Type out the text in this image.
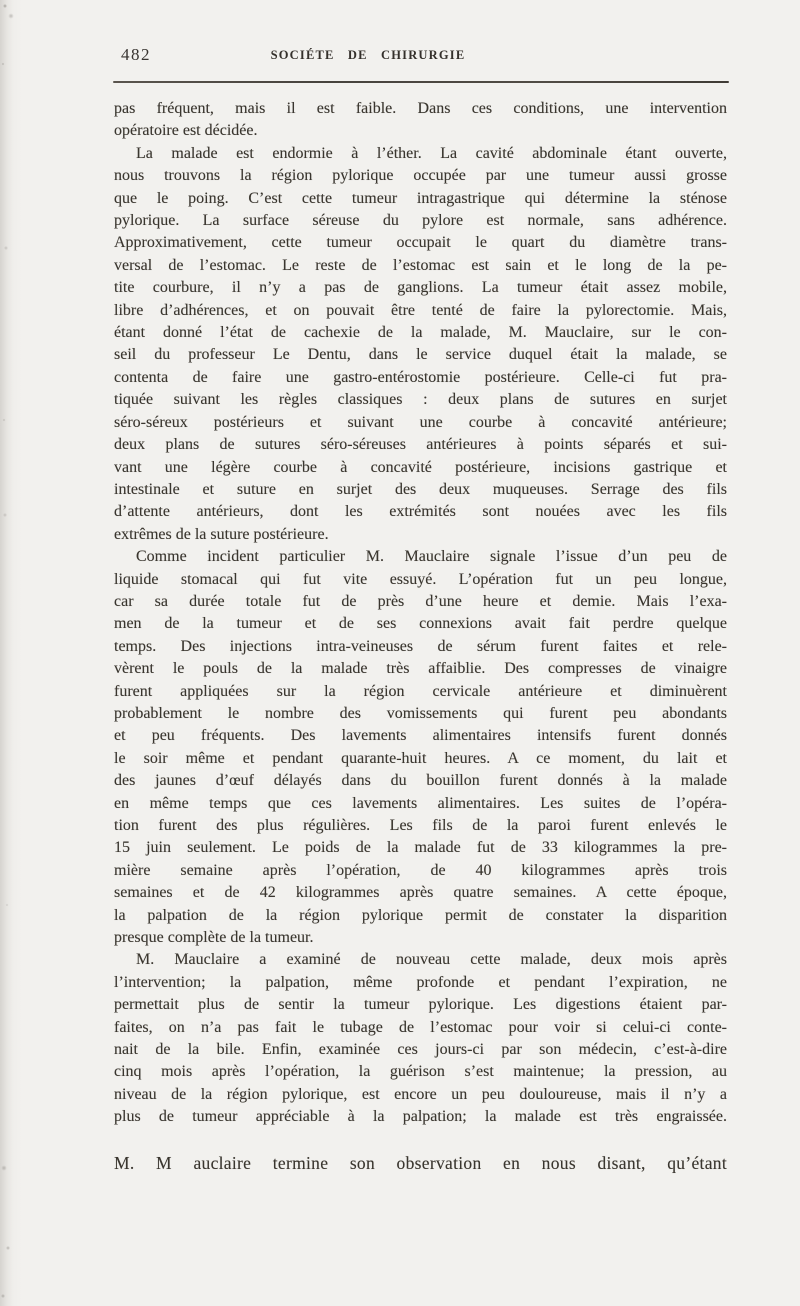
482	SOCIÉTE DE CHIRURGIE
pas fréquent, mais il est faible. Dans ces conditions, une intervention
opératoire est décidée.
La malade est endormie à l’éther. La cavité abdominale étant ouverte,
nous trouvons la région pylorique occupée par une tumeur aussi grosse
que le poing. C’est cette tumeur intragastrique qui détermine la sténose
pylorique. La surface séreuse du pylore est normale, sans adhérence.
Approximativement, cette tumeur occupait le quart du diamètre trans-
versal de l’estomac. Le reste de l’estomac est sain et le long de la pe-
tite courbure, il n’y a pas de ganglions. La tumeur était assez mobile,
libre d’adhérences, et on pouvait être tenté de faire la pylorectomie. Mais,
étant donné l’état de cachexie de la malade, M. Mauclaire, sur le con-
seil du professeur Le Dentu, dans le service duquel était la malade, se
contenta de faire une gastro-entérostomie postérieure. Celle-ci fut pra-
tiquée suivant les règles classiques : deux plans de sutures en surjet
séro-séreux postérieurs et suivant une courbe à concavité antérieure;
deux plans de sutures séro-séreuses antérieures à points séparés et sui-
vant une légère courbe à concavité postérieure, incisions gastrique et
intestinale et suture en surjet des deux muqueuses. Serrage des fils
d’attente antérieurs, dont les extrémités sont nouées avec les fils
extrêmes de la suture postérieure.
Comme incident particulier M. Mauclaire signale l’issue d’un peu de
liquide stomacal qui fut vite essuyé. L’opération fut un peu longue,
car sa durée totale fut de près d’une heure et demie. Mais l’exa-
men de la tumeur et de ses connexions avait fait perdre quelque
temps. Des injections intra-veineuses de sérum furent faites et rele-
vèrent le pouls de la malade très affaiblie. Des compresses de vinaigre
furent appliquées sur la région cervicale antérieure et diminuèrent
probablement le nombre des vomissements qui furent peu abondants
et peu fréquents. Des lavements alimentaires intensifs furent donnés
le soir même et pendant quarante-huit heures. A ce moment, du lait et
des jaunes d’œuf délayés dans du bouillon furent donnés à la malade
en même temps que ces lavements alimentaires. Les suites de l’opéra-
tion furent des plus régulières. Les fils de la paroi furent enlevés le
15 juin seulement. Le poids de la malade fut de 33 kilogrammes la pre-
mière semaine après l’opération, de 40 kilogrammes après trois
semaines et de 42 kilogrammes après quatre semaines. A cette époque,
la palpation de la région pylorique permit de constater la disparition
presque complète de la tumeur.
M. Mauclaire a examiné de nouveau cette malade, deux mois après
l’intervention; la palpation, même profonde et pendant l’expiration, ne
permettait plus de sentir la tumeur pylorique. Les digestions étaient par-
faites, on n’a pas fait le tubage de l’estomac pour voir si celui-ci conte-
nait de la bile. Enfin, examinée ces jours-ci par son médecin, c’est-à-dire
cinq mois après l’opération, la guérison s’est maintenue; la pression, au
niveau de la région pylorique, est encore un peu douloureuse, mais il n’y a
plus de tumeur appréciable à la palpation; la malade est très engraissée.
M. M auclaire termine son observation en nous disant, qu’étant
